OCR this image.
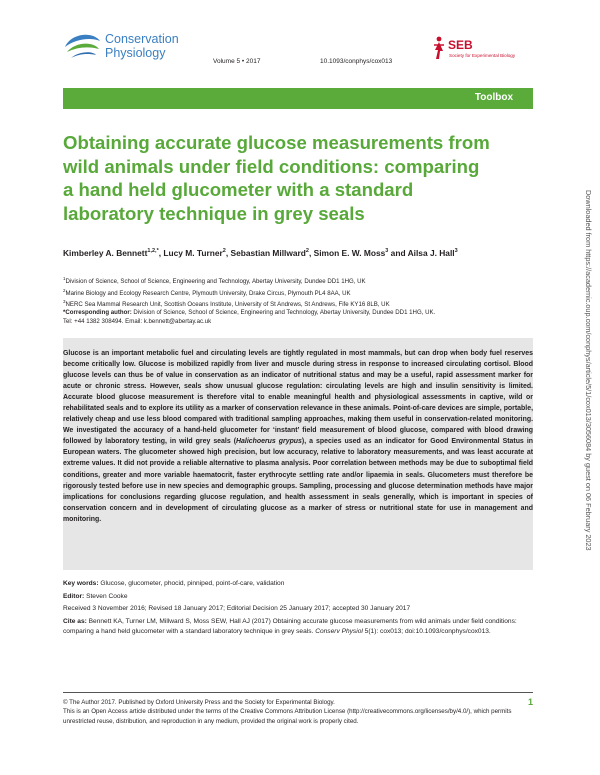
Conservation
Physiology
Volume 5 • 2017	10.1093/conphys/cox013
SEB
Society for Experimental Biology
Toolbox
Obtaining accurate glucose measurements from
wild animals under field conditions: comparing
a hand held glucometer with a standard
laboratory technique in grey seals
Kimberley A. Bennett$^{1,2,*}$, Lucy M. Turner$^2$, Sebastian Millward$^2$, Simon E. W. Moss$^3$ and Ailsa J. Hall$^3$
$^1$Division of Science, School of Science, Engineering and Technology, Abertay University, Dundee DD1 1HG, UK
$^2$Marine Biology and Ecology Research Centre, Plymouth University, Drake Circus, Plymouth PL4 8AA, UK
$^3$NERC Sea Mammal Research Unit, Scottish Oceans Institute, University of St Andrews, St Andrews, Fife KY16 8LB, UK
*Corresponding author: Division of Science, School of Science, Engineering and Technology, Abertay University, Dundee DD1 1HG, UK.
Tel: +44 1382 308494. Email: k.bennett@abertay.ac.uk
Glucose is an important metabolic fuel and circulating levels are tightly regulated in most mammals, but can drop when body fuel reserves become critically low. Glucose is mobilized rapidly from liver and muscle during stress in response to increased circulating cortisol. Blood glucose levels can thus be of value in conservation as an indicator of nutritional status and may be a useful, rapid assessment marker for acute or chronic stress. However, seals show unusual glucose regulation: circulating levels are high and insulin sensitivity is limited. Accurate blood glucose measurement is therefore vital to enable meaningful health and physiological assessments in captive, wild or rehabilitated seals and to explore its utility as a marker of conservation relevance in these animals. Point-of-care devices are simple, portable, relatively cheap and use less blood compared with traditional sampling approaches, making them useful in conservation-related monitoring. We investigated the accuracy of a hand-held glucometer for ‘instant’ field measurement of blood glucose, compared with blood drawing followed by laboratory testing, in wild grey seals (Halichoerus grypus), a species used as an indicator for Good Environmental Status in European waters. The glucometer showed high precision, but low accuracy, relative to laboratory measurements, and was least accurate at extreme values. It did not provide a reliable alternative to plasma analysis. Poor correlation between methods may be due to suboptimal field conditions, greater and more variable haematocrit, faster erythrocyte settling rate and/or lipaemia in seals. Glucometers must therefore be rigorously tested before use in new species and demographic groups. Sampling, processing and glucose determination methods have major implications for conclusions regarding glucose regulation, and health assessment in seals generally, which is important in species of conservation concern and in development of circulating glucose as a marker of stress or nutritional state for use in management and monitoring.
Key words: Glucose, glucometer, phocid, pinniped, point-of-care, validation
Editor: Steven Cooke
Received 3 November 2016; Revised 18 January 2017; Editorial Decision 25 January 2017; accepted 30 January 2017
Cite as: Bennett KA, Turner LM, Millward S, Moss SEW, Hall AJ (2017) Obtaining accurate glucose measurements from wild animals under field conditions: comparing a hand held glucometer with a standard laboratory technique in grey seals. Conserv Physiol 5(1): cox013; doi:10.1093/conphys/cox013.
© The Author 2017. Published by Oxford University Press and the Society for Experimental Biology.
This is an Open Access article distributed under the terms of the Creative Commons Attribution License (http://creativecommons.org/licenses/by/4.0/), which permits unrestricted reuse, distribution, and reproduction in any medium, provided the original work is properly cited.
1
Downloaded from https://academic.oup.com/conphys/article/5/1/cox013/3056084 by guest on 06 February 2023
